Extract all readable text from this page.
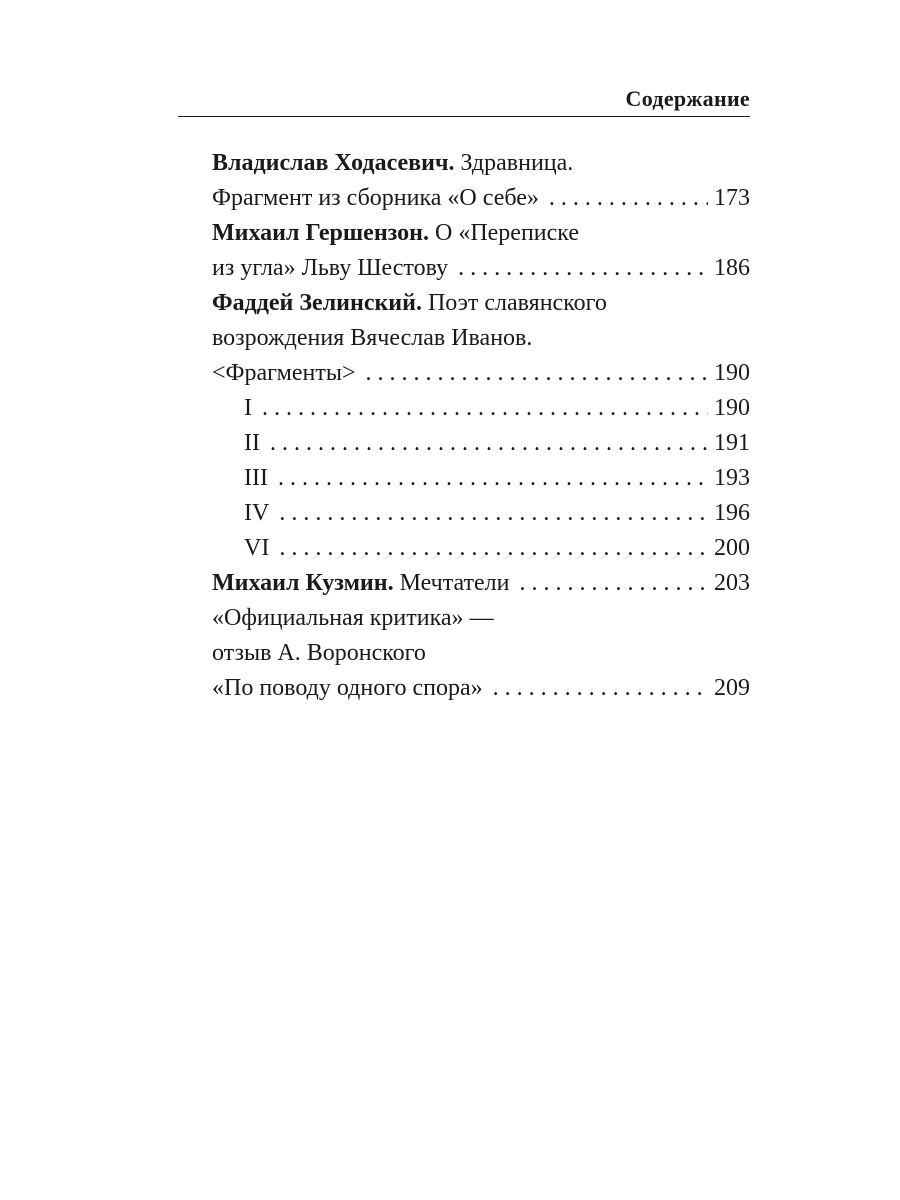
Содержание
Владислав Ходасевич. Здравница.
Фрагмент из сборника «О себе» . . .	173
Михаил Гершензон. О «Переписке
из угла» Льву Шестову . . .	186
Фаддей Зелинский. Поэт славянского
возрождения Вячеслав Иванов.
<Фрагменты> . . .	190
I . . .	190
II . . .	191
III . . .	193
IV . . .	196
VI . . .	200
Михаил Кузмин. Мечтатели . . .	203
«Официальная критика» —
отзыв А. Воронского
«По поводу одного спора» . . .	209
